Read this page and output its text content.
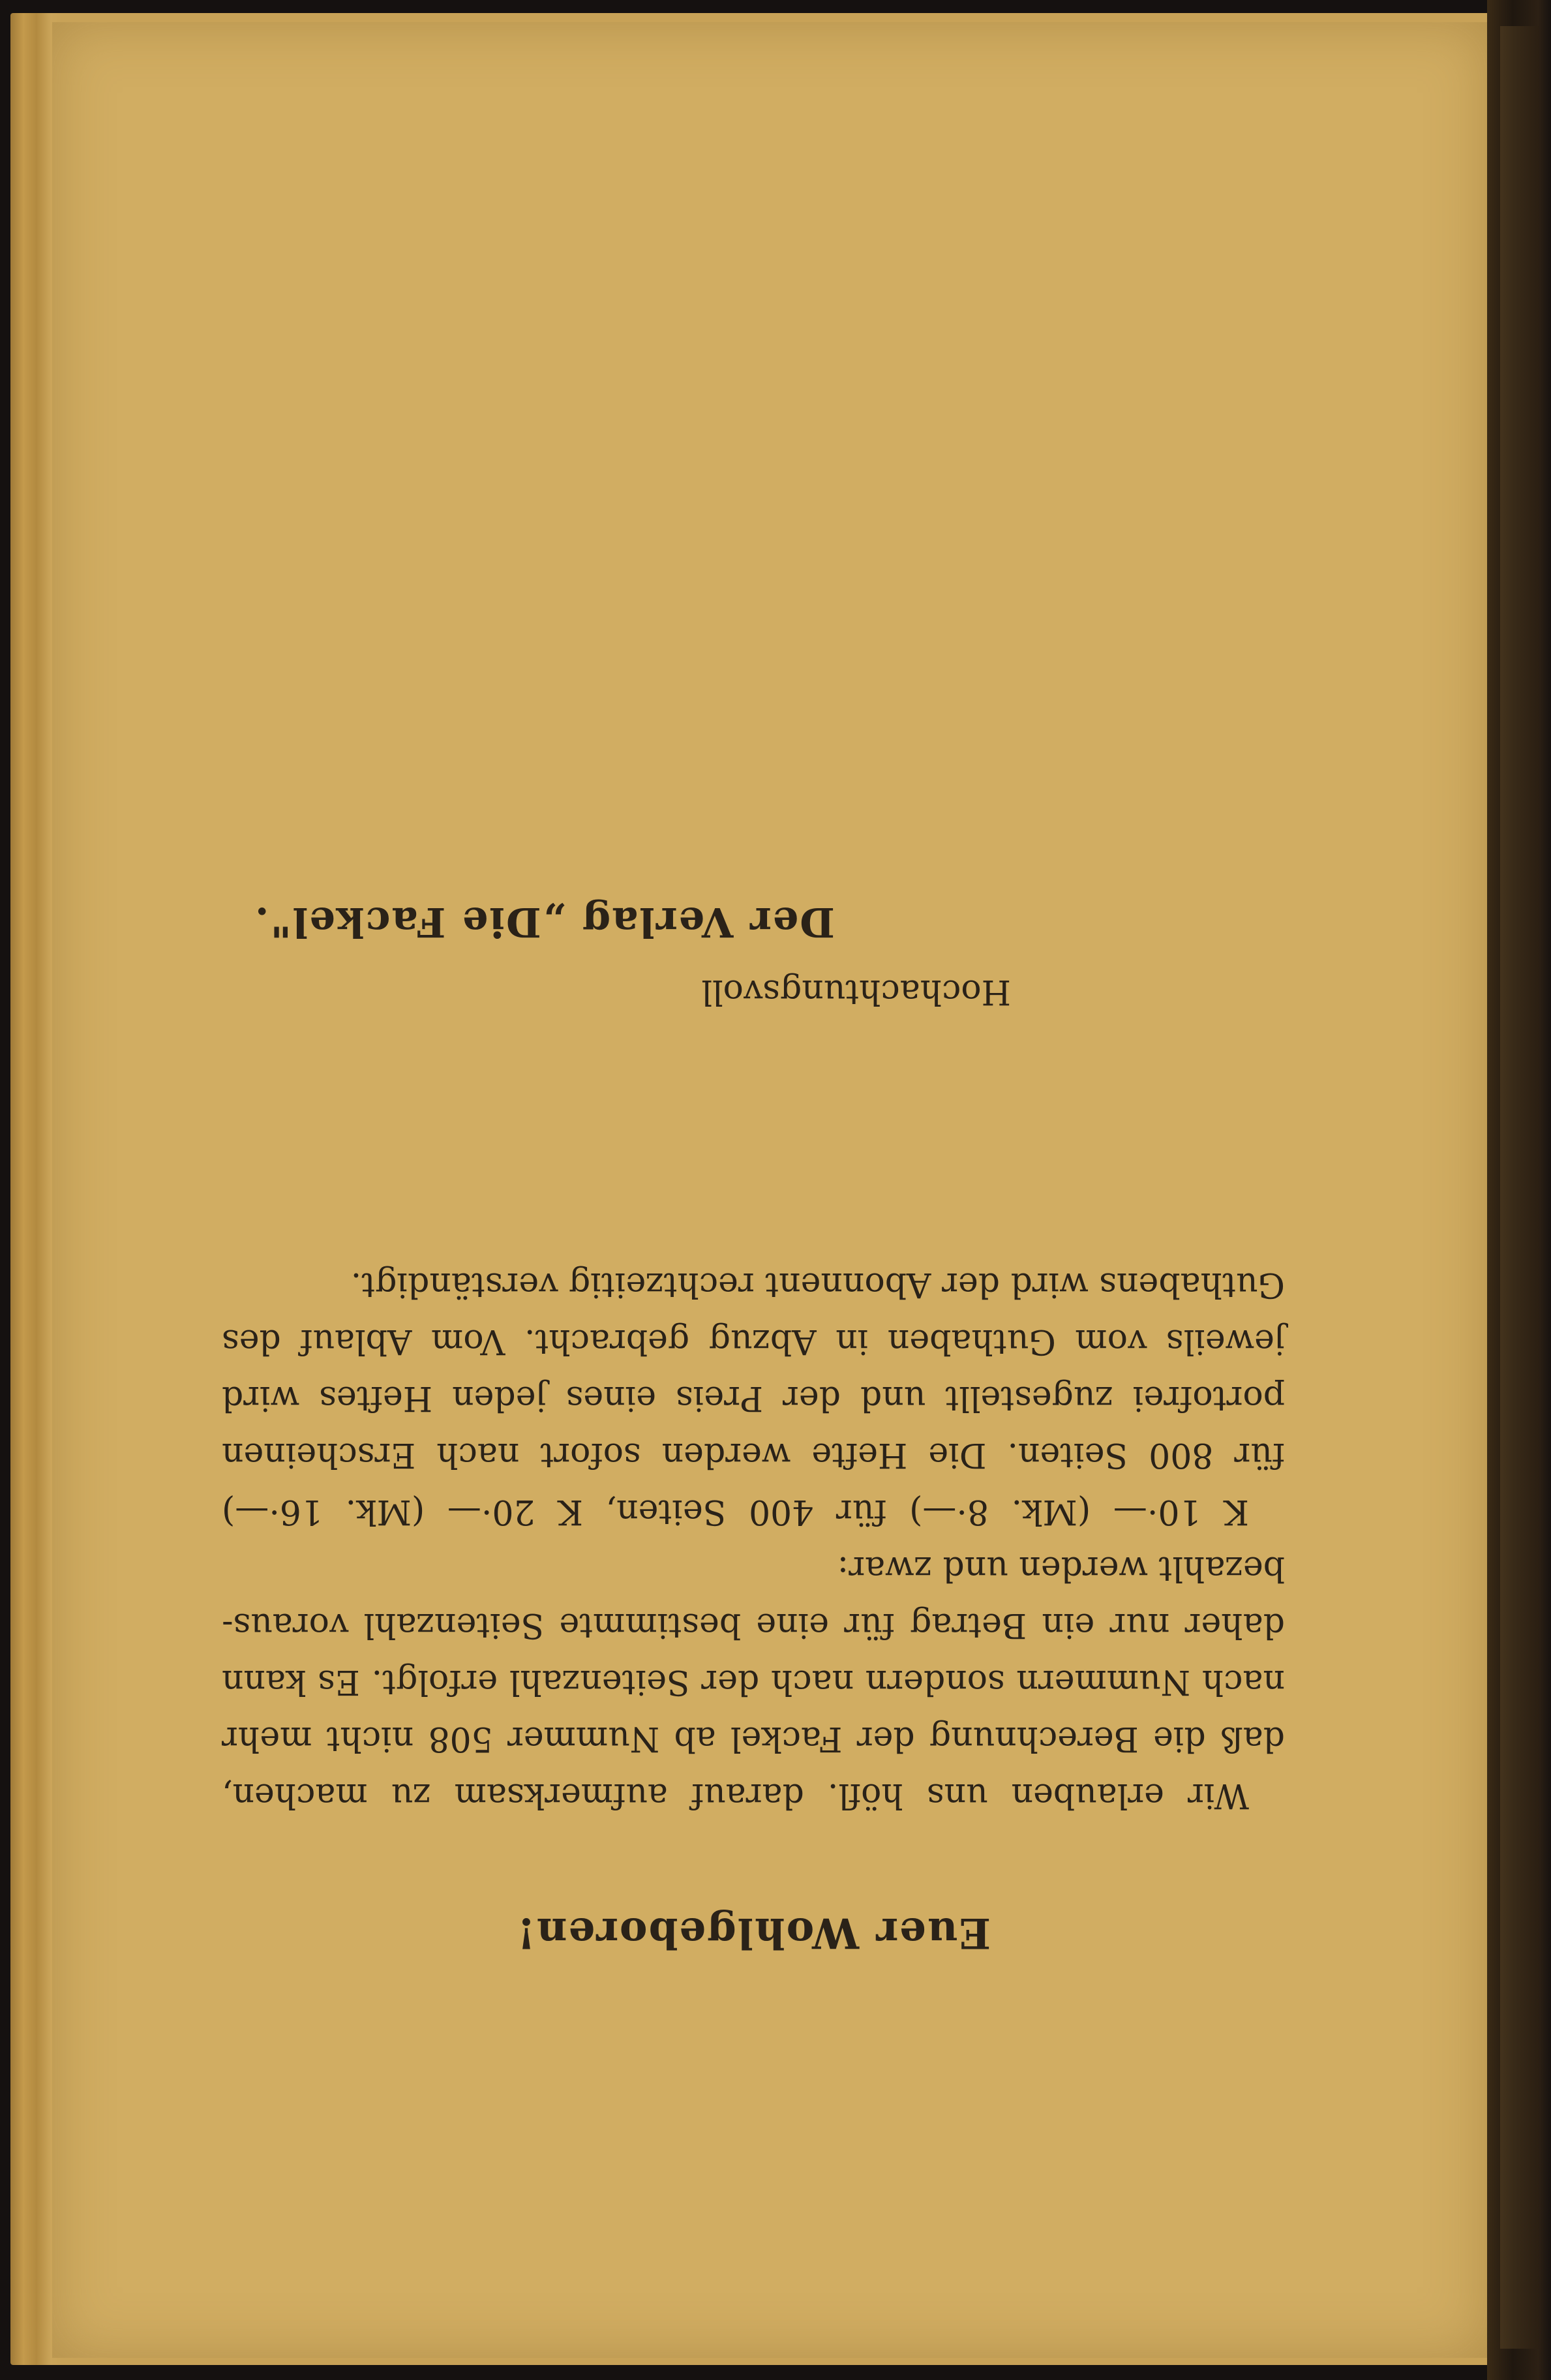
Euer Wohlgeboren!
Wir erlauben uns höfl. darauf aufmerksam zu machen,
daß die Berechnung der Fackel ab Nummer 508 nicht mehr
nach Nummern sondern nach der Seitenzahl erfolgt. Es kann
daher nur ein Betrag für eine bestimmte Seitenzahl voraus-
bezahlt werden und zwar:
K 10·— (Mk. 8·—) für 400 Seiten, K 20·— (Mk. 16·—)
für 800 Seiten. Die Hefte werden sofort nach Erscheinen
portofrei zugestellt und der Preis eines jeden Heftes wird
jeweils vom Guthaben in Abzug gebracht. Vom Ablauf des
Guthabens wird der Abonnent rechtzeitig verständigt.
Hochachtungsvoll
Der Verlag „Die Fackel".
